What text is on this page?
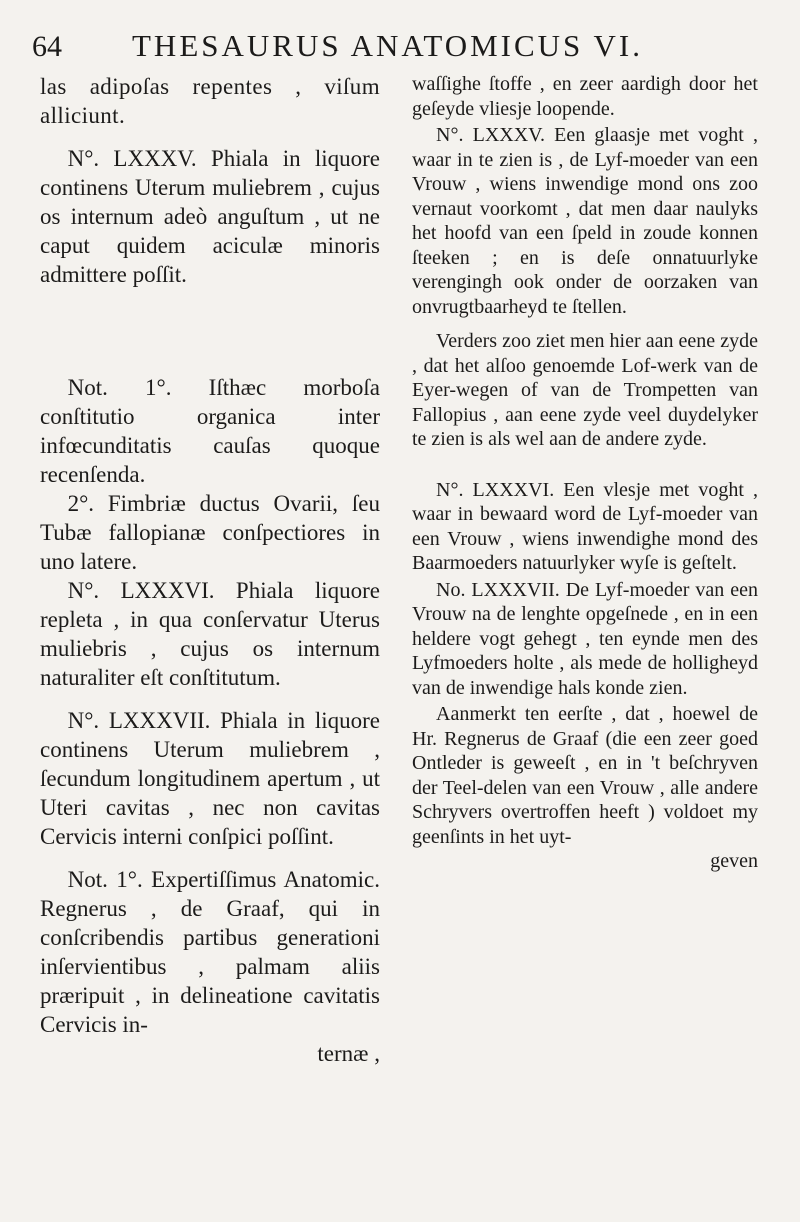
64 THESAURUS ANATOMICUS VI.

las adipoſas repentes , viſum alliciunt.

N°. LXXXV. Phiala in liquore continens Uterum muliebrem , cujus os internum adeò anguſtum , ut ne caput quidem aciculæ minoris admittere poſſit.

Not. 1°. Iſthæc morboſa conſtitutio organica inter infœcunditatis cauſas quoque recenſenda.

2°. Fimbriæ ductus Ovarii, ſeu Tubæ fallopianæ conſpectiores in uno latere.

N°. LXXXVI. Phiala liquore repleta , in qua conſervatur Uterus muliebris , cujus os internum naturaliter eſt conſtitutum.

N°. LXXXVII. Phiala in liquore continens Uterum muliebrem , ſecundum longitudinem apertum , ut Uteri cavitas , nec non cavitas Cervicis interni conſpici poſſint.

Not. 1°. Expertiſſimus Anatomic. Regnerus , de Graaf, qui in conſcribendis partibus generationi inſervientibus , palmam aliis præripuit , in delineatione cavitatis Cervicis in-

ternæ ,

waſſighe ſtoffe , en zeer aardigh door het geſeyde vliesje loopende.

N°. LXXXV. Een glaasje met voght , waar in te zien is , de Lyf-moeder van een Vrouw , wiens inwendige mond ons zoo vernaut voorkomt , dat men daar naulyks het hoofd van een ſpeld in zoude konnen ſteeken ; en is deſe onnatuurlyke verengingh ook onder de oorzaken van onvrugtbaarheyd te ſtellen.

Verders zoo ziet men hier aan eene zyde , dat het alſoo genoemde Lof-werk van de Eyer-wegen of van de Trompetten van Fallopius , aan eene zyde veel duydelyker te zien is als wel aan de andere zyde.

N°. LXXXVI. Een vlesje met voght , waar in bewaard word de Lyf-moeder van een Vrouw , wiens inwendighe mond des Baarmoeders natuurlyker wyſe is geſtelt.

No. LXXXVII. De Lyf-moeder van een Vrouw na de lenghte opgeſnede , en in een heldere vogt gehegt , ten eynde men des Lyfmoeders holte , als mede de holligheyd van de inwendige hals konde zien.

Aanmerkt ten eerſte , dat , hoewel de Hr. Regnerus de Graaf (die een zeer goed Ontleder is geweeſt , en in 't beſchryven der Teel-delen van een Vrouw , alle andere Schryvers overtroffen heeft ) voldoet my geenſints in het uyt-

geven
